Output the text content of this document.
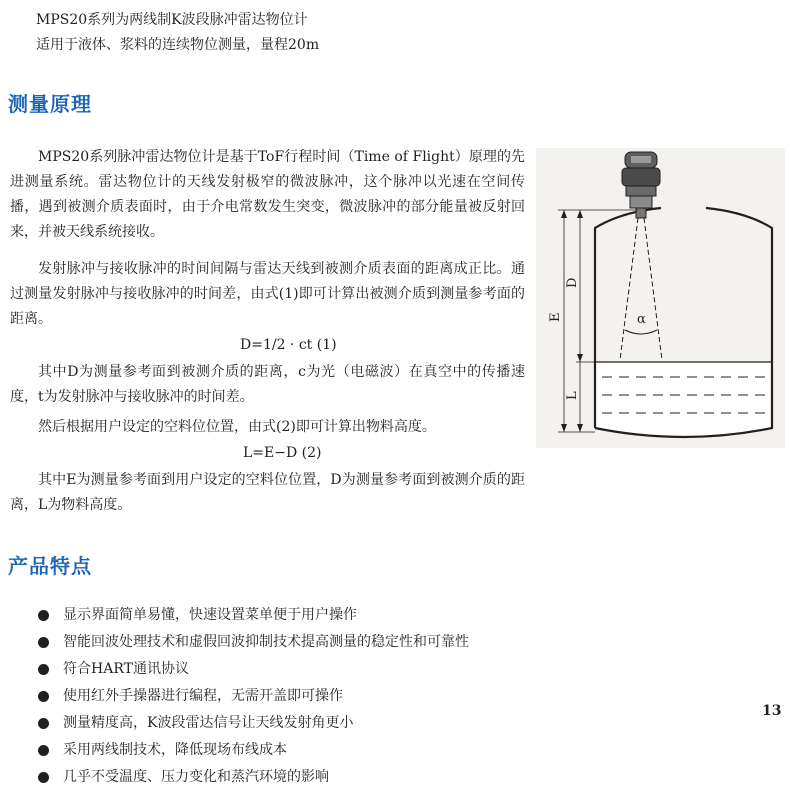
MPS20系列为两线制K波段脉冲雷达物位计
适用于液体、浆料的连续物位测量，量程20m
测量原理
MPS20系列脉冲雷达物位计是基于ToF行程时间（Time of Flight）原理的先进测量系统。雷达物位计的天线发射极窄的微波脉冲，这个脉冲以光速在空间传播，遇到被测介质表面时，由于介电常数发生突变，微波脉冲的部分能量被反射回来，并被天线系统接收。
发射脉冲与接收脉冲的时间间隔与雷达天线到被测介质表面的距离成正比。通过测量发射脉冲与接收脉冲的时间差，由式(1)即可计算出被测介质到测量参考面的距离。
D=1/2 · ct (1)
其中D为测量参考面到被测介质的距离，c为光（电磁波）在真空中的传播速度，t为发射脉冲与接收脉冲的时间差。
然后根据用户设定的空料位位置，由式(2)即可计算出物料高度。
L=E−D (2)
其中E为测量参考面到用户设定的空料位位置，D为测量参考面到被测介质的距离，L为物料高度。
α
E
D
L
产品特点
显示界面简单易懂，快速设置菜单便于用户操作
智能回波处理技术和虚假回波抑制技术提高测量的稳定性和可靠性
符合HART通讯协议
使用红外手操器进行编程，无需开盖即可操作
测量精度高，K波段雷达信号让天线发射角更小
采用两线制技术，降低现场布线成本
几乎不受温度、压力变化和蒸汽环境的影响
13
